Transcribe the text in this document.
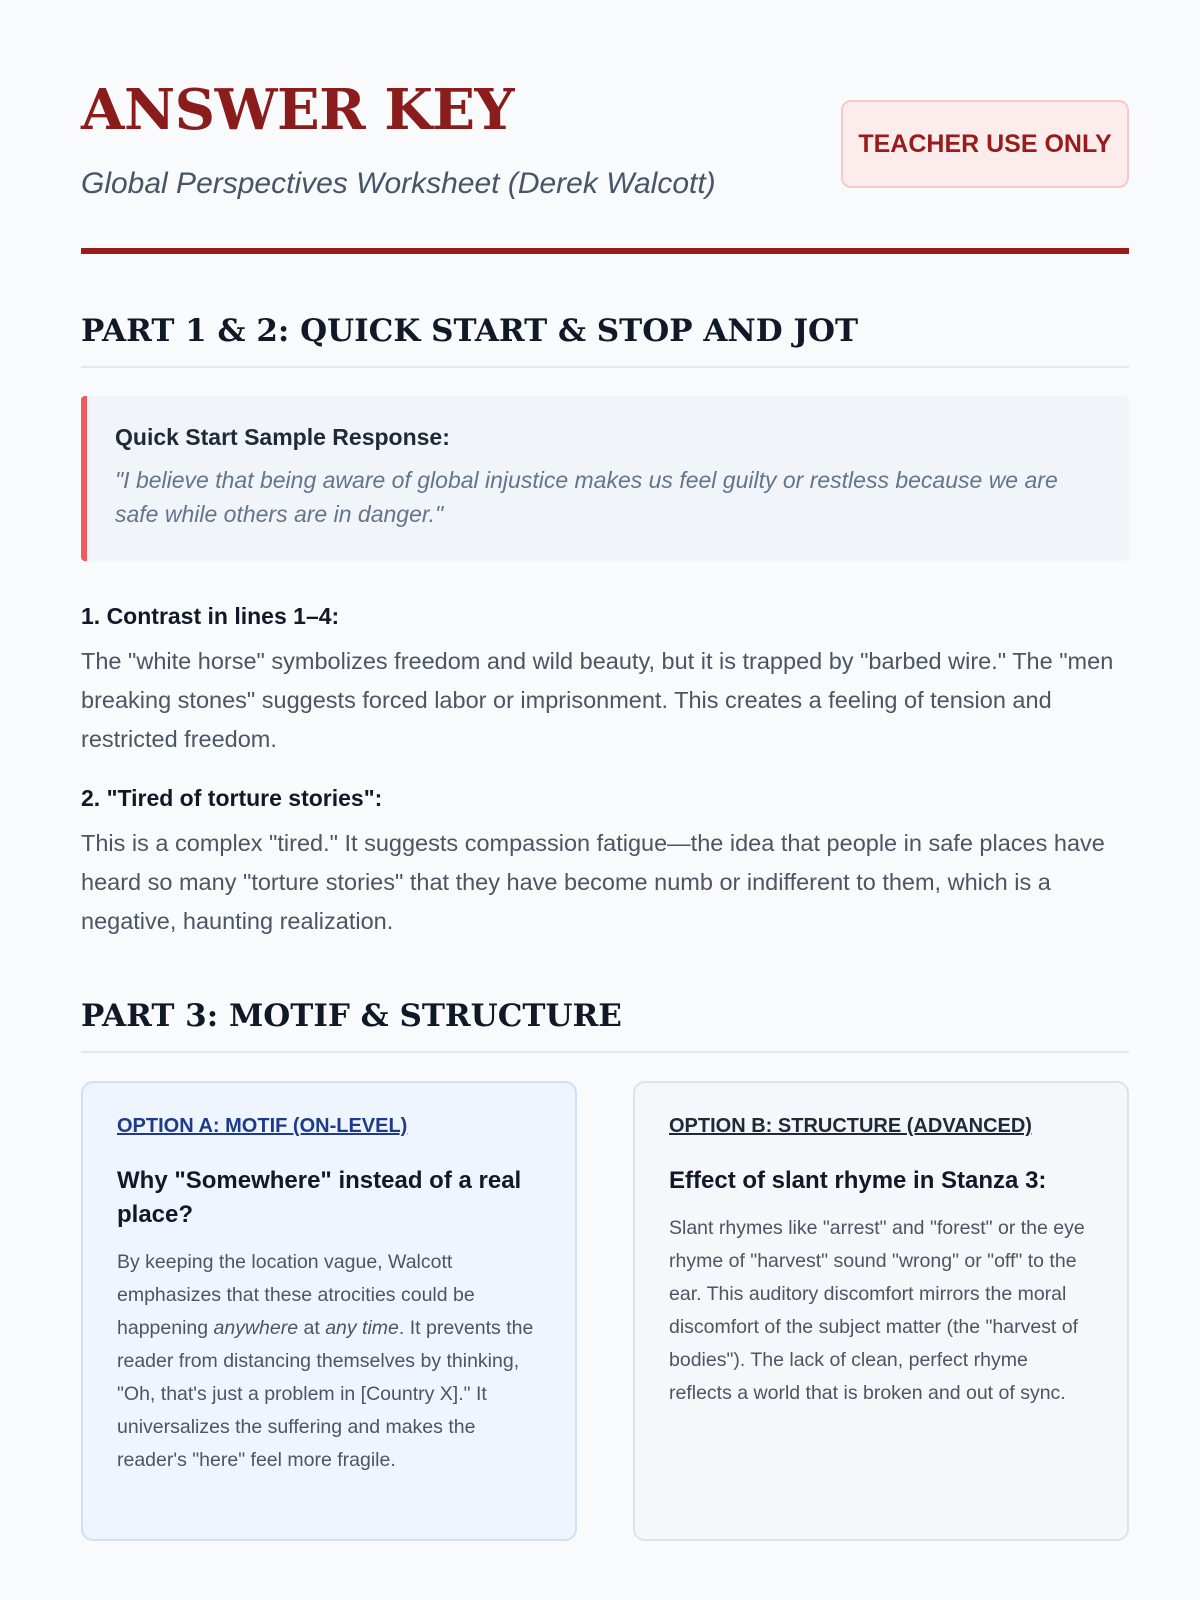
ANSWER KEY

Global Perspectives Worksheet (Derek Walcott)

TEACHER USE ONLY
PART 1 & 2: QUICK START & STOP AND JOT
Quick Start Sample Response:
"I believe that being aware of global injustice makes us feel guilty or restless because we are safe while others are in danger."
1. Contrast in lines 1–4:
The "white horse" symbolizes freedom and wild beauty, but it is trapped by "barbed wire." The "men breaking stones" suggests forced labor or imprisonment. This creates a feeling of tension and restricted freedom.
2. "Tired of torture stories":
This is a complex "tired." It suggests compassion fatigue—the idea that people in safe places have heard so many "torture stories" that they have become numb or indifferent to them, which is a negative, haunting realization.
PART 3: MOTIF & STRUCTURE
OPTION A: MOTIF (ON-LEVEL)
Why "Somewhere" instead of a real place?
By keeping the location vague, Walcott emphasizes that these atrocities could be happening anywhere at any time. It prevents the reader from distancing themselves by thinking, "Oh, that's just a problem in [Country X]." It universalizes the suffering and makes the reader's "here" feel more fragile.
OPTION B: STRUCTURE (ADVANCED)
Effect of slant rhyme in Stanza 3:
Slant rhymes like "arrest" and "forest" or the eye rhyme of "harvest" sound "wrong" or "off" to the ear. This auditory discomfort mirrors the moral discomfort of the subject matter (the "harvest of bodies"). The lack of clean, perfect rhyme reflects a world that is broken and out of sync.
